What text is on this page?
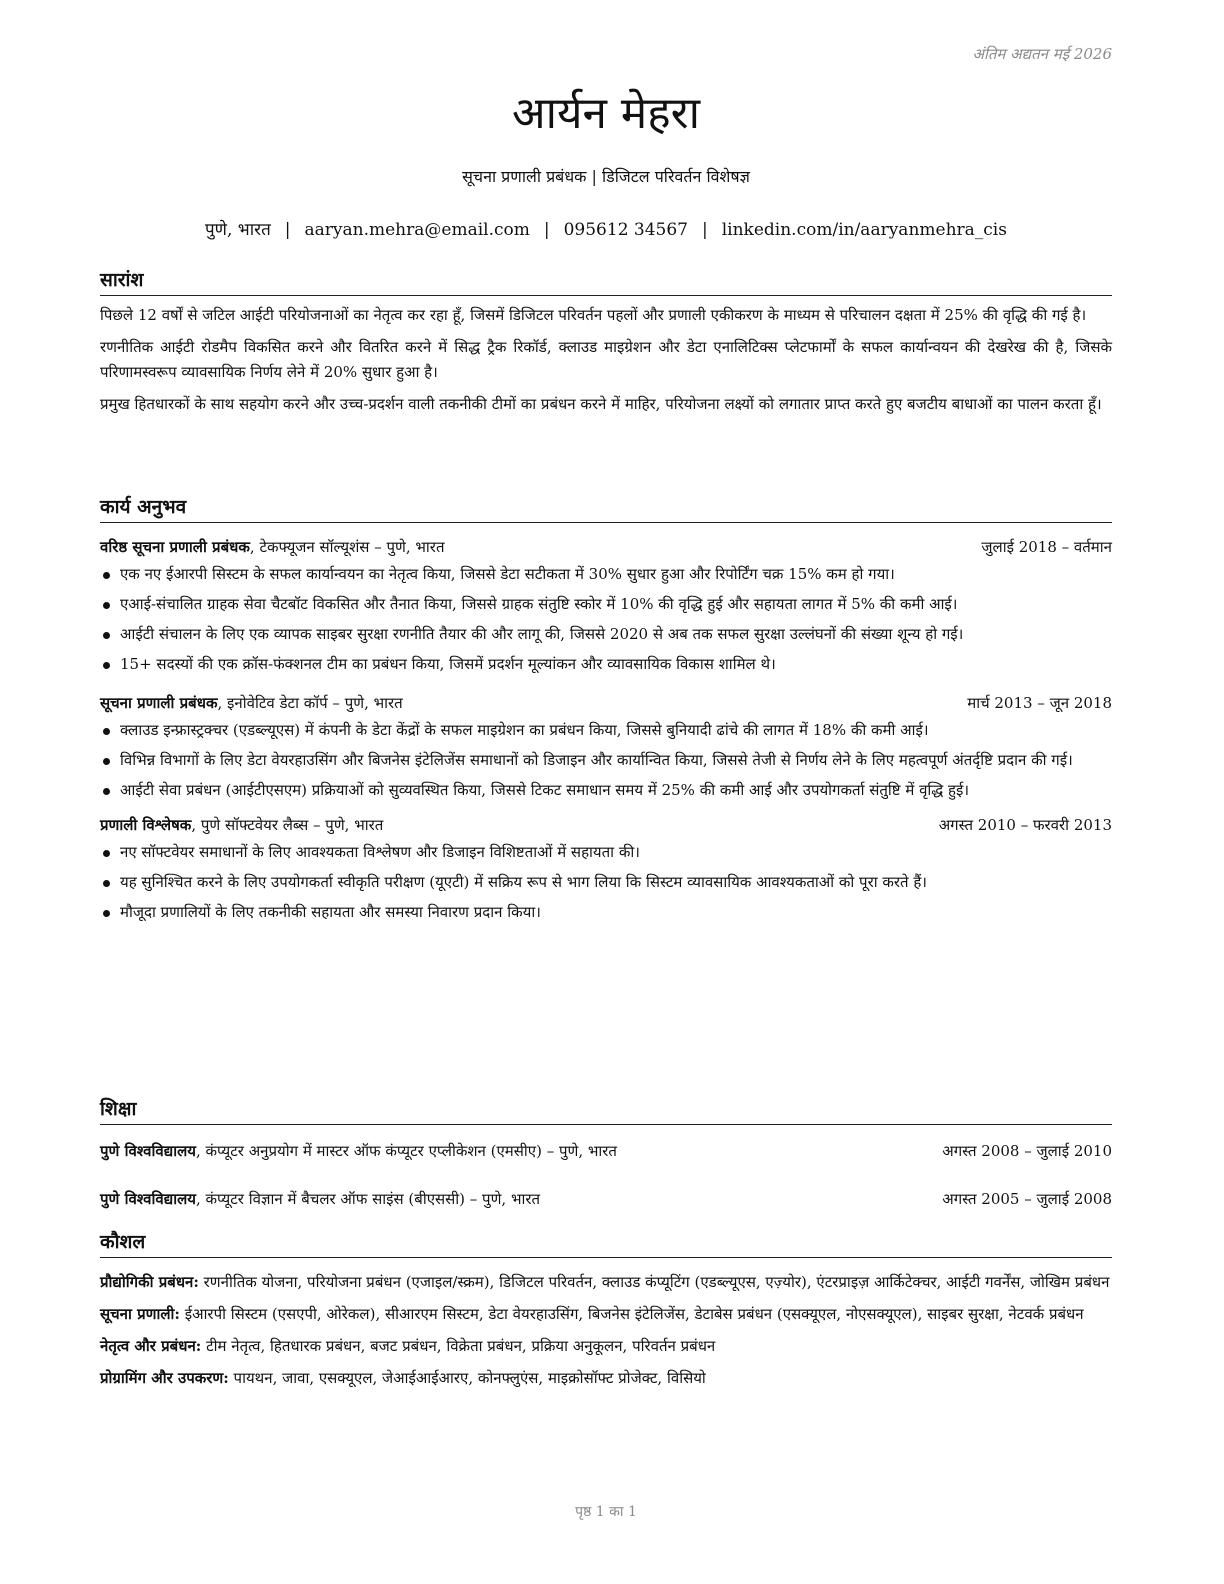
अंतिम अद्यतन मई 2026
आर्यन मेहरा
सूचना प्रणाली प्रबंधक | डिजिटल परिवर्तन विशेषज्ञ
पुणे, भारत | aaryan.mehra@email.com | 095612 34567 | linkedin.com/in/aaryanmehra_cis
सारांश

पिछले 12 वर्षों से जटिल आईटी परियोजनाओं का नेतृत्व कर रहा हूँ, जिसमें डिजिटल परिवर्तन पहलों और प्रणाली एकीकरण के माध्यम से परिचालन दक्षता में 25% की वृद्धि की गई है।

रणनीतिक आईटी रोडमैप विकसित करने और वितरित करने में सिद्ध ट्रैक रिकॉर्ड, क्लाउड माइग्रेशन और डेटा एनालिटिक्स प्लेटफार्मों के सफल कार्यान्वयन की देखरेख की है, जिसके परिणामस्वरूप व्यावसायिक निर्णय लेने में 20% सुधार हुआ है।

प्रमुख हितधारकों के साथ सहयोग करने और उच्च-प्रदर्शन वाली तकनीकी टीमों का प्रबंधन करने में माहिर, परियोजना लक्ष्यों को लगातार प्राप्त करते हुए बजटीय बाधाओं का पालन करता हूँ।

कार्य अनुभव
वरिष्ठ सूचना प्रणाली प्रबंधक, टेकफ्यूजन सॉल्यूशंस – पुणे, भारत	जुलाई 2018 – वर्तमान
एक नए ईआरपी सिस्टम के सफल कार्यान्वयन का नेतृत्व किया, जिससे डेटा सटीकता में 30% सुधार हुआ और रिपोर्टिंग चक्र 15% कम हो गया।
एआई-संचालित ग्राहक सेवा चैटबॉट विकसित और तैनात किया, जिससे ग्राहक संतुष्टि स्कोर में 10% की वृद्धि हुई और सहायता लागत में 5% की कमी आई।
आईटी संचालन के लिए एक व्यापक साइबर सुरक्षा रणनीति तैयार की और लागू की, जिससे 2020 से अब तक सफल सुरक्षा उल्लंघनों की संख्या शून्य हो गई।
15+ सदस्यों की एक क्रॉस-फंक्शनल टीम का प्रबंधन किया, जिसमें प्रदर्शन मूल्यांकन और व्यावसायिक विकास शामिल थे।
सूचना प्रणाली प्रबंधक, इनोवेटिव डेटा कॉर्प – पुणे, भारत	मार्च 2013 – जून 2018
क्लाउड इन्फ्रास्ट्रक्चर (एडब्ल्यूएस) में कंपनी के डेटा केंद्रों के सफल माइग्रेशन का प्रबंधन किया, जिससे बुनियादी ढांचे की लागत में 18% की कमी आई।
विभिन्न विभागों के लिए डेटा वेयरहाउसिंग और बिजनेस इंटेलिजेंस समाधानों को डिजाइन और कार्यान्वित किया, जिससे तेजी से निर्णय लेने के लिए महत्वपूर्ण अंतर्दृष्टि प्रदान की गई।
आईटी सेवा प्रबंधन (आईटीएसएम) प्रक्रियाओं को सुव्यवस्थित किया, जिससे टिकट समाधान समय में 25% की कमी आई और उपयोगकर्ता संतुष्टि में वृद्धि हुई।
प्रणाली विश्लेषक, पुणे सॉफ्टवेयर लैब्स – पुणे, भारत	अगस्त 2010 – फरवरी 2013
नए सॉफ्टवेयर समाधानों के लिए आवश्यकता विश्लेषण और डिजाइन विशिष्टताओं में सहायता की।
यह सुनिश्चित करने के लिए उपयोगकर्ता स्वीकृति परीक्षण (यूएटी) में सक्रिय रूप से भाग लिया कि सिस्टम व्यावसायिक आवश्यकताओं को पूरा करते हैं।
मौजूदा प्रणालियों के लिए तकनीकी सहायता और समस्या निवारण प्रदान किया।
शिक्षा
पुणे विश्वविद्यालय, कंप्यूटर अनुप्रयोग में मास्टर ऑफ कंप्यूटर एप्लीकेशन (एमसीए) – पुणे, भारत	अगस्त 2008 – जुलाई 2010
पुणे विश्वविद्यालय, कंप्यूटर विज्ञान में बैचलर ऑफ साइंस (बीएससी) – पुणे, भारत	अगस्त 2005 – जुलाई 2008
कौशल

प्रौद्योगिकी प्रबंधन: रणनीतिक योजना, परियोजना प्रबंधन (एजाइल/स्क्रम), डिजिटल परिवर्तन, क्लाउड कंप्यूटिंग (एडब्ल्यूएस, एज़्योर), एंटरप्राइज़ आर्किटेक्चर, आईटी गवर्नेंस, जोखिम प्रबंधन

सूचना प्रणाली: ईआरपी सिस्टम (एसएपी, ओरेकल), सीआरएम सिस्टम, डेटा वेयरहाउसिंग, बिजनेस इंटेलिजेंस, डेटाबेस प्रबंधन (एसक्यूएल, नोएसक्यूएल), साइबर सुरक्षा, नेटवर्क प्रबंधन

नेतृत्व और प्रबंधन: टीम नेतृत्व, हितधारक प्रबंधन, बजट प्रबंधन, विक्रेता प्रबंधन, प्रक्रिया अनुकूलन, परिवर्तन प्रबंधन

प्रोग्रामिंग और उपकरण: पायथन, जावा, एसक्यूएल, जेआईआईआरए, कोनफ्लुएंस, माइक्रोसॉफ्ट प्रोजेक्ट, विसियो

पृष्ठ 1 का 1
